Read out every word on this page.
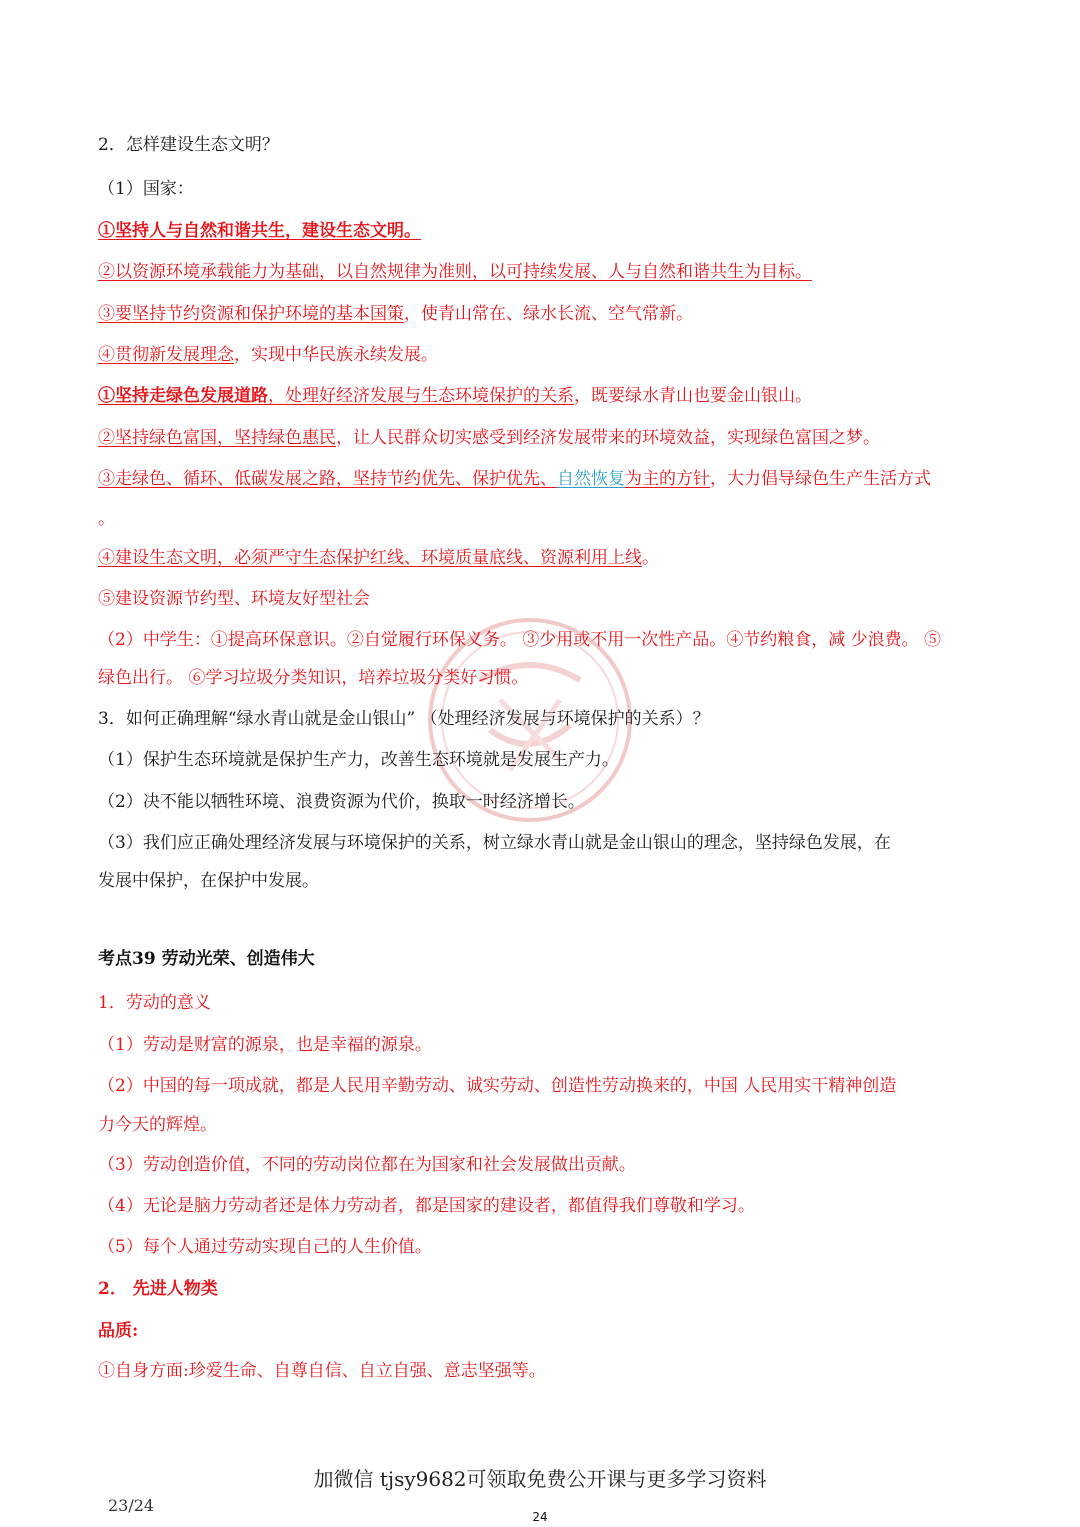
2．怎样建设生态文明？
（1）国家：
①坚持人与自然和谐共生，建设生态文明。
②以资源环境承载能力为基础，以自然规律为准则，以可持续发展、人与自然和谐共生为目标。
③要坚持节约资源和保护环境的基本国策，使青山常在、绿水长流、空气常新。
④贯彻新发展理念，实现中华民族永续发展。
①坚持走绿色发展道路，处理好经济发展与生态环境保护的关系，既要绿水青山也要金山银山。
②坚持绿色富国，坚持绿色惠民，让人民群众切实感受到经济发展带来的环境效益，实现绿色富国之梦。
③走绿色、循环、低碳发展之路，坚持节约优先、保护优先、自然恢复为主的方针，大力倡导绿色生产生活方式
。
④建设生态文明，必须严守生态保护红线、环境质量底线、资源利用上线。
⑤建设资源节约型、环境友好型社会
（2）中学生：①提高环保意识。②自觉履行环保义务。 ③少用或不用一次性产品。④节约粮食，减 少浪费。 ⑤
绿色出行。 ⑥学习垃圾分类知识，培养垃圾分类好习惯。
3．如何正确理解“绿水青山就是金山银山” （处理经济发展与环境保护的关系）？
（1）保护生态环境就是保护生产力，改善生态环境就是发展生产力。
（2）决不能以牺牲环境、浪费资源为代价，换取一时经济增长。
（3）我们应正确处理经济发展与环境保护的关系，树立绿水青山就是金山银山的理念，坚持绿色发展，在
发展中保护，在保护中发展。
考点39 劳动光荣、创造伟大
1．劳动的意义
（1）劳动是财富的源泉，也是幸福的源泉。
（2）中国的每一项成就，都是人民用辛勤劳动、诚实劳动、创造性劳动换来的，中国 人民用实干精神创造
力今天的辉煌。
（3）劳动创造价值，不同的劳动岗位都在为国家和社会发展做出贡献。
（4）无论是脑力劳动者还是体力劳动者，都是国家的建设者，都值得我们尊敬和学习。
（5）每个人通过劳动实现自己的人生价值。
2． 先进人物类
品质:
①自身方面:珍爱生命、自尊自信、自立自强、意志坚强等。
加微信 tjsy9682可领取免费公开课与更多学习资料
23/24
24
